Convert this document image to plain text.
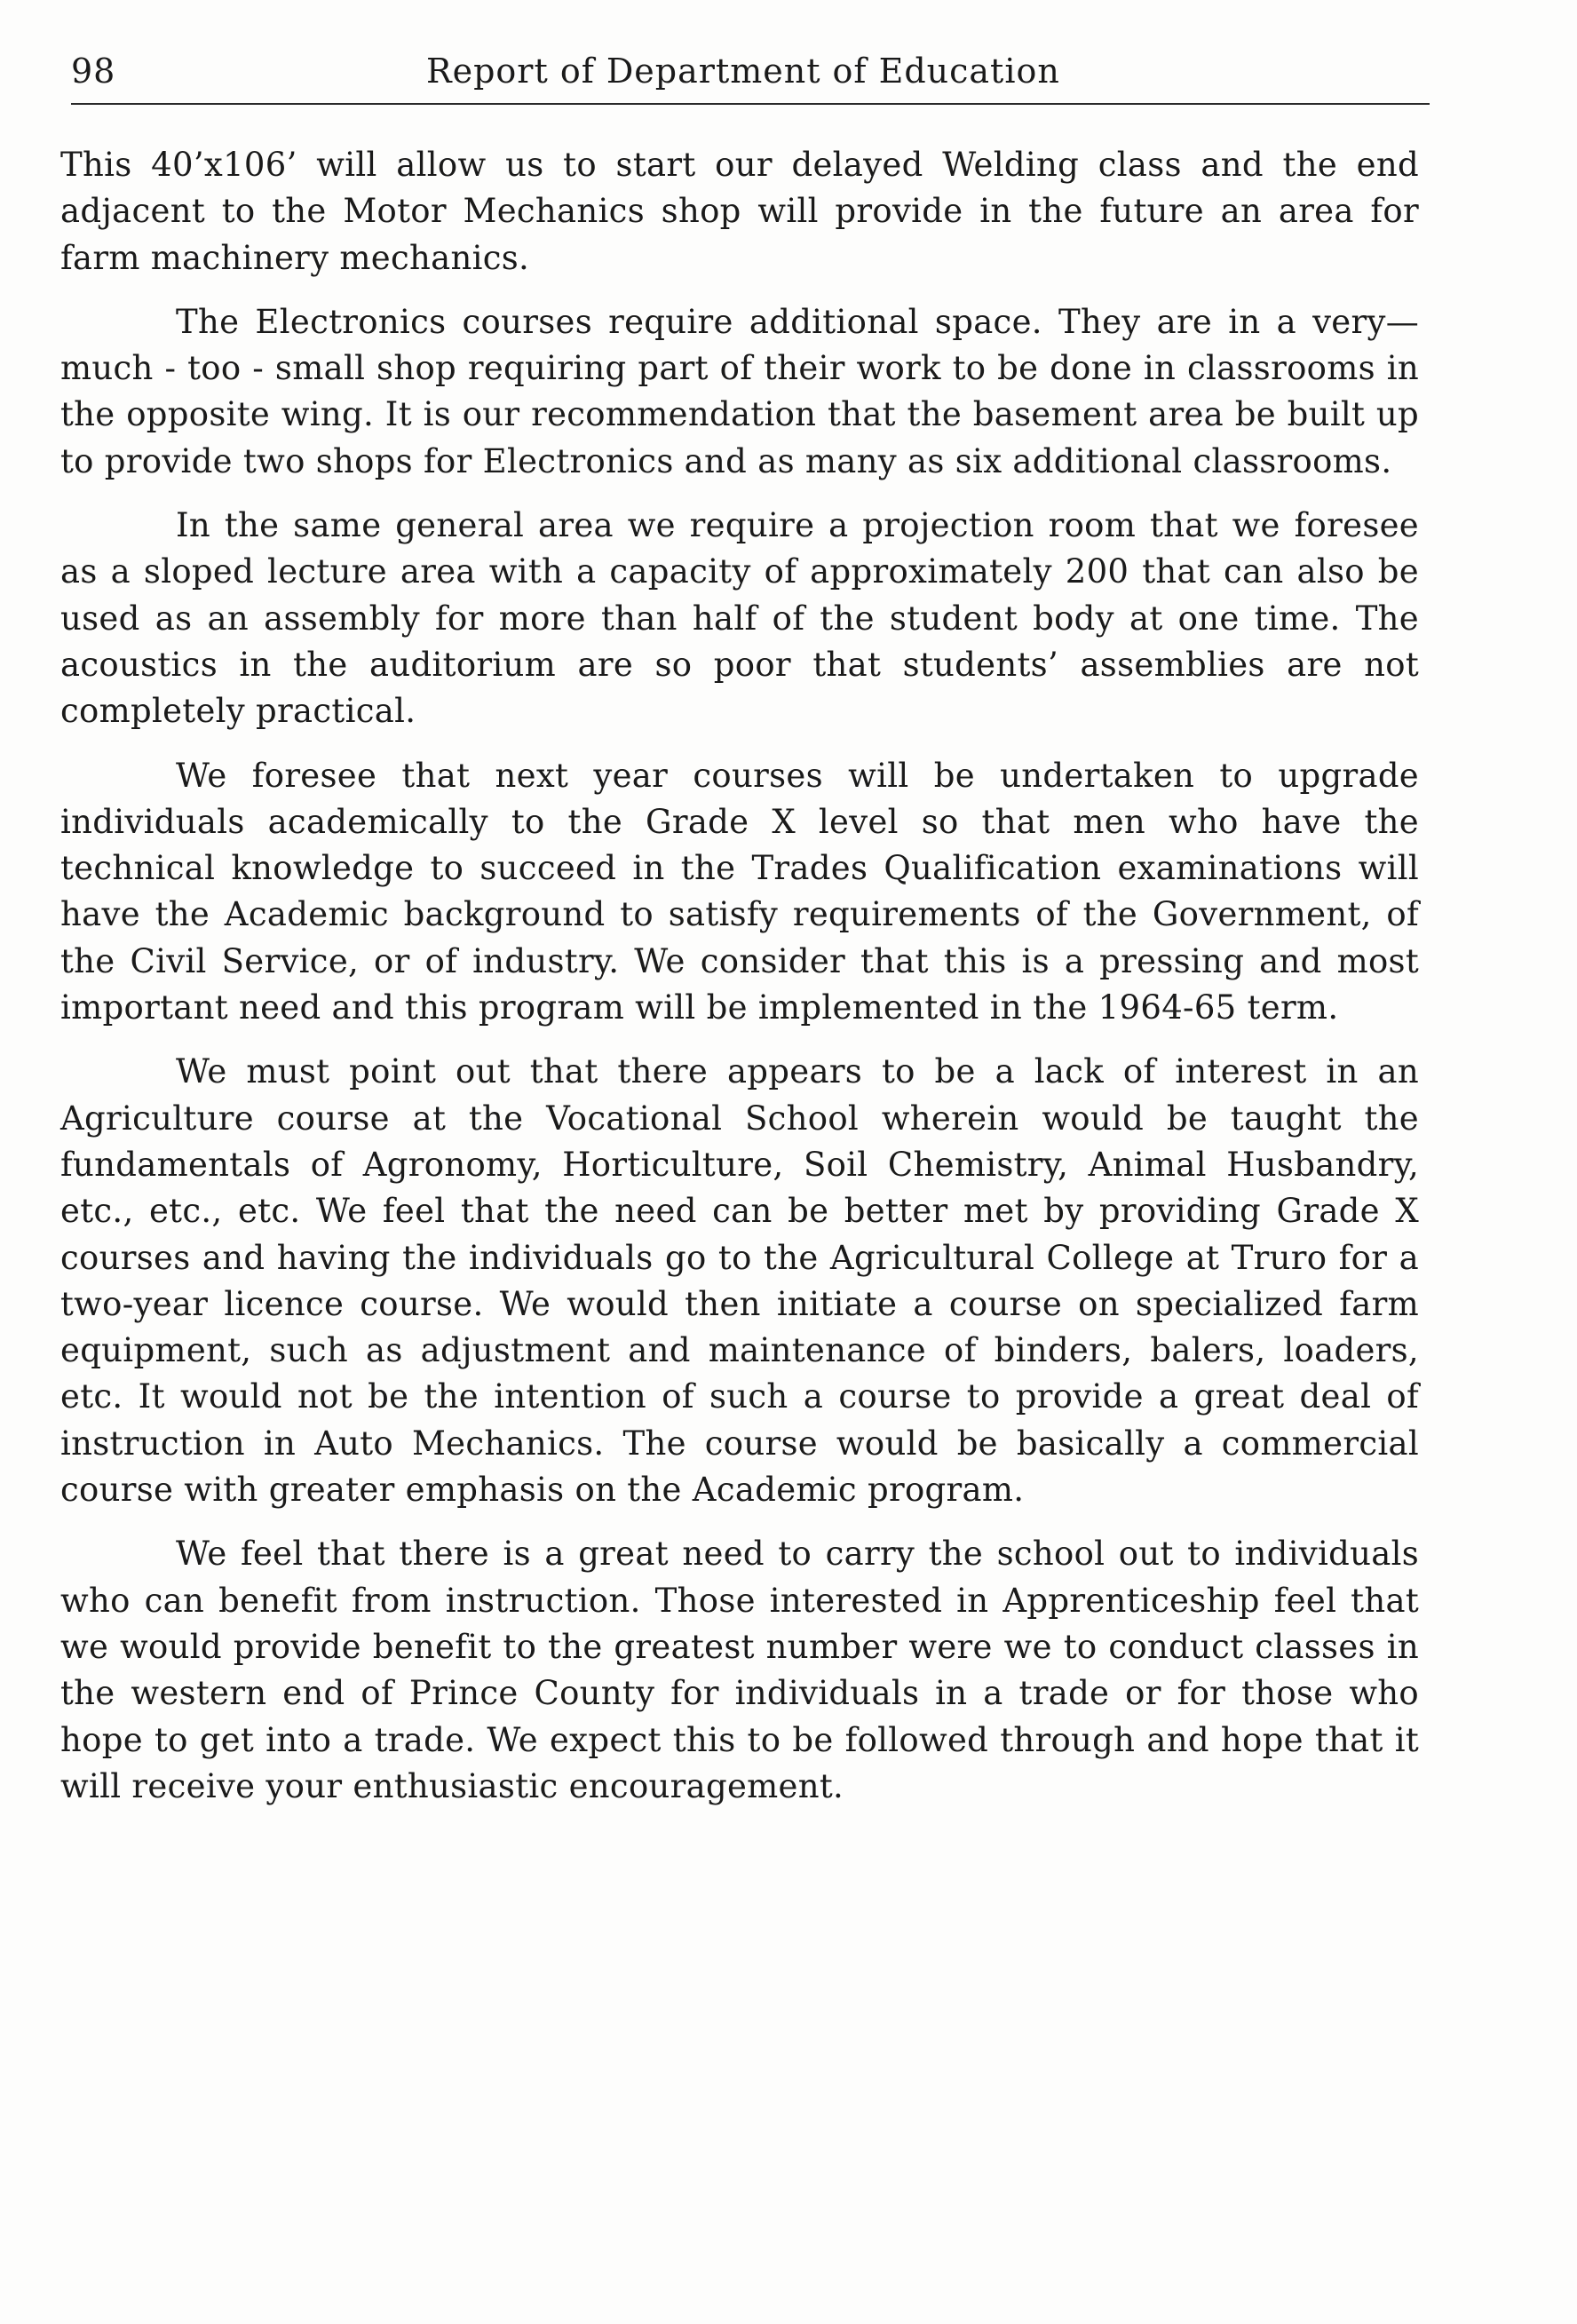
98	Report of Department of Education

This 40’x106’ will allow us to start our delayed Welding class and the end adjacent to the Motor Mechanics shop will provide in the future an area for farm machinery mechanics.

The Electronics courses require additional space. They are in a very—much - too - small shop requiring part of their work to be done in classrooms in the opposite wing. It is our recommendation that the basement area be built up to provide two shops for Electronics and as many as six additional classrooms.

In the same general area we require a projection room that we foresee as a sloped lecture area with a capacity of approximately 200 that can also be used as an assembly for more than half of the student body at one time. The acoustics in the auditorium are so poor that students’ assemblies are not completely practical.

We foresee that next year courses will be undertaken to upgrade individuals academically to the Grade X level so that men who have the technical knowledge to succeed in the Trades Qualification examinations will have the Academic background to satisfy requirements of the Government, of the Civil Service, or of industry. We consider that this is a pressing and most important need and this program will be implemented in the 1964-65 term.

We must point out that there appears to be a lack of interest in an Agriculture course at the Vocational School wherein would be taught the fundamentals of Agronomy, Horticulture, Soil Chemistry, Animal Husbandry, etc., etc., etc. We feel that the need can be better met by providing Grade X courses and having the individuals go to the Agricultural College at Truro for a two-year licence course. We would then initiate a course on specialized farm equipment, such as adjustment and maintenance of binders, balers, loaders, etc. It would not be the intention of such a course to provide a great deal of instruction in Auto Mechanics. The course would be basically a commercial course with greater emphasis on the Academic program.

We feel that there is a great need to carry the school out to individuals who can benefit from instruction. Those interested in Apprenticeship feel that we would provide benefit to the greatest number were we to conduct classes in the western end of Prince County for individuals in a trade or for those who hope to get into a trade. We expect this to be followed through and hope that it will receive your enthusiastic encouragement.
